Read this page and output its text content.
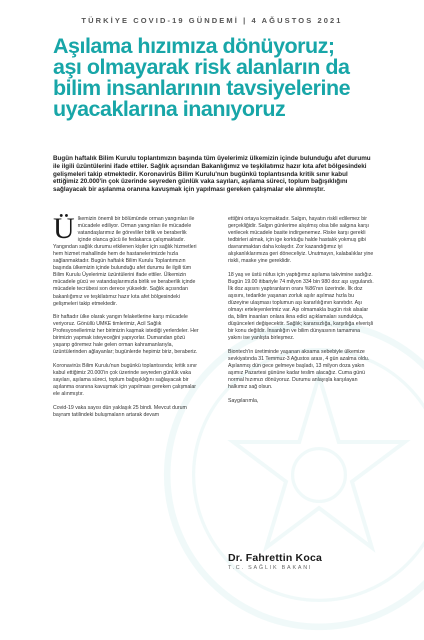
TÜRKİYE COVID-19 GÜNDEMİ | 4 AĞUSTOS 2021
Aşılama hızımıza dönüyoruz;
aşı olmayarak risk alanların da
bilim insanlarının tavsiyelerine
uyacaklarına inanıyoruz

Bugün haftalık Bilim Kurulu toplantımızın başında tüm üyelerimiz ülkemizin içinde bulunduğu afet durumu ile ilgili üzüntülerini ifade ettiler. Sağlık açısından Bakanlığımız ve teşkilatımız hazır kıta afet bölgesindeki gelişmeleri takip etmektedir. Koronavirüs Bilim Kurulu'nun bugünkü toplantısında kritik sınır kabul ettiğimiz 20.000'in çok üzerinde seyreden günlük vaka sayıları, aşılama süreci, toplum bağışıklığını sağlayacak bir aşılanma oranına kavuşmak için yapılması gereken çalışmalar ele alınmıştır.

Ülkemizin önemli bir bölümünde orman yangınları ile mücadele ediliyor. Orman yangınları ile mücadele vatandaşlarımız ile görevliler birlik ve beraberlik içinde olanca gücü ile fedakarca çalışmaktadır. Yangından sağlık durumu etkilenen kişiler için sağlık hizmetleri hem hizmet mahallinde hem de hastanelerimizde hızla sağlanmaktadır. Bugün haftalık Bilim Kurulu Toplantımızın başında ülkemizin içinde bulunduğu afet durumu ile ilgili tüm Bilim Kurulu Üyelerimiz üzüntülerini ifade ettiler. Ülkemizin mücadele gücü ve vatandaşlarımızla birlik ve beraberlik içinde mücadele tecrübesi son derece yüksektir. Sağlık açısından bakanlığımız ve teşkilatımız hazır kıta afet bölgesindeki gelişmeleri takip etmektedir.

Bir haftadır ülke olarak yangın felaketlerine karşı mücadele veriyoruz. Gönüllü UMKE timlerimiz, Acil Sağlık Profesyonellerimiz her birimizin kaşmak istediği yerlerdeler. Her birimizin yapmak isteyeceğini yapıyorlar. Dumandan gözü yaşarıp göremez hale gelen orman kahramanlarıyla, üzüntülerinden ağlayanlar; bugünlerde hepimiz biriz, beraberiz.

Koronavirüs Bilim Kurulu'nun bugünkü toplantısında; kritik sınır kabul ettiğimiz 20.000'in çok üzerinde seyreden günlük vaka sayıları, aşılama süreci, toplum bağışıklığını sağlayacak bir aşılanma oranına kavuşmak için yapılması gereken çalışmalar ele alınmıştır.

Covid-19 vaka sayısı dün yaklaşık 25 bindi. Mevcut durum bayram tatilindeki buluşmaların artarak devam

ettiğini ortaya koymaktadır. Salgın, hayatın riskli edilemez bir gerçekliğidir. Salgın günlerime alışılmış olsa bile salgına karşı verilecek mücadele basite indirgenemez. Riske karşı gerekli tedbirleri almak, için ige korktuğu halde hastalık yokmuş gibi davranmaktan daha kolaydır. Zor kazandığımız iyi alışkanlıklarımıza geri döneceliyiz. Unutmayın, kalabalıklar yine riskli, maske yine gereklidir.

18 yaş ve üstü nüfus için yaptığımız aşılama takvimine sadığız. Bugün 19.00 itibariyle 74 milyon 334 bin 980 doz aşı uygulandı. İlk doz aşısını yaptıranların oranı %86'nın üzerinde. İlk doz aşısını, tedarikte yaşanan zorluk aşılır aşılmaz hızla bu düzeyine ulaşması toplumun aşı kararlılığının kanıtıdır. Aşı olmayı erteleyenlerimiz var. Aşı olmamakla bugün risk alsalar da, bilim insanları onlara ikna edici açıklamaları sunduktça, düşünceleri değişecektir. Sağlık; kararsızlığa, karşıtlığa elverişli bir konu değildir. İnsanlığın ve bilim dünyasının tamamına yakını ise yanlışta birleşmez.

Biontech'in üretiminde yaşanan aksama sebebiyle ülkemize sevkiyatında 31 Temmuz-3 Ağustos arası, 4 gün azalma oldu. Aşılanmış dün gece gelmeye başladı, 13 milyon doza yakın aşımız Pazartesi gününe kadar teslim alacağız. Cuma günü normal hızımızı dönüyoruz. Durumu anlayışla karşılayan halkımız sağ olsun.

Saygılarımla,

Dr. Fahrettin Koca
T.C. SAĞLIK BAKANI
